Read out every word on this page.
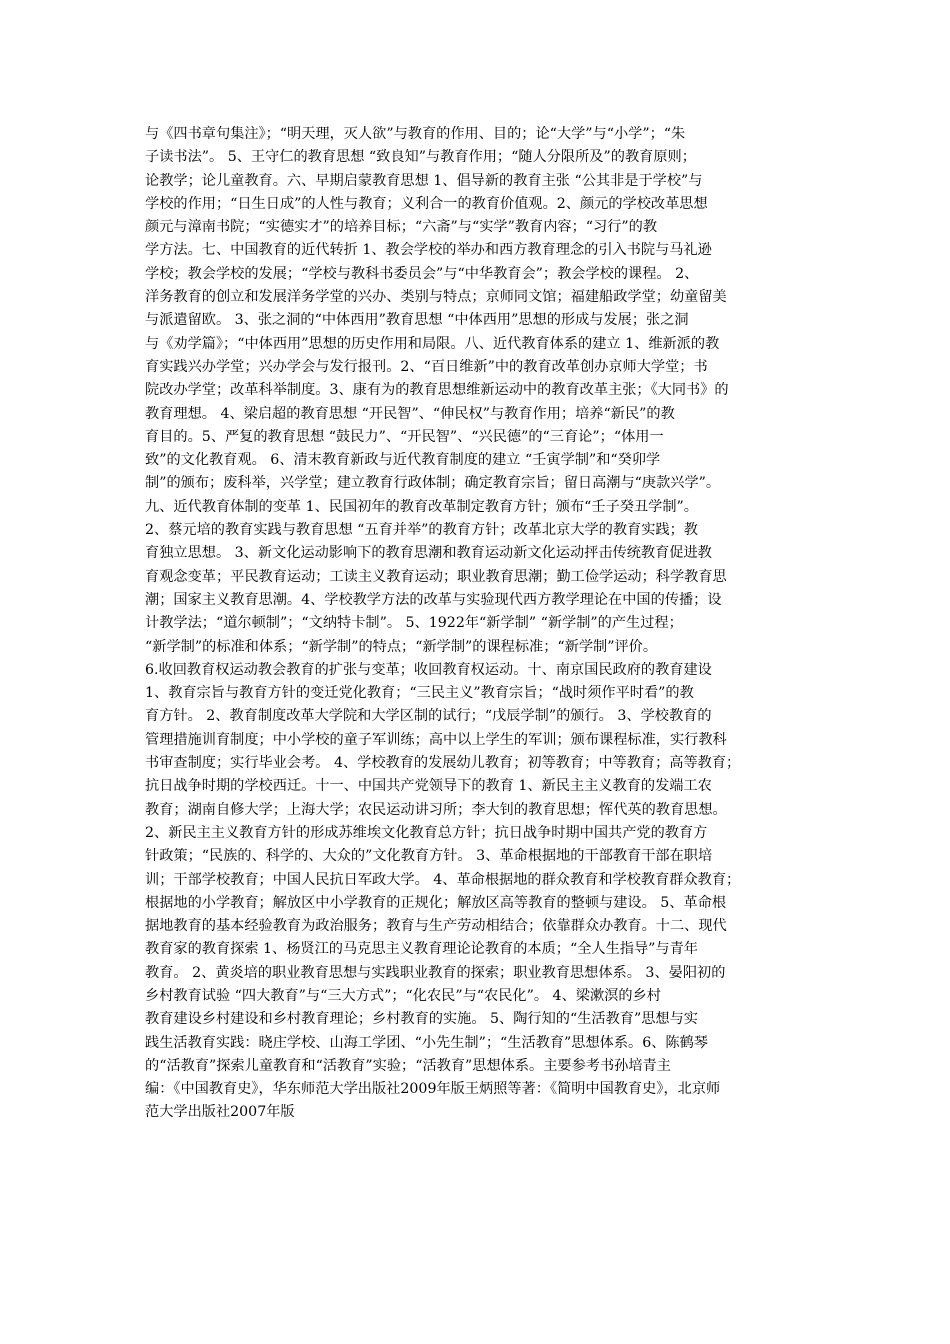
与《四书章句集注》；“明天理，灭人欲”与教育的作用、目的；论“大学”与“小学”；“朱
子读书法”。 5、王守仁的教育思想 “致良知”与教育作用；“随人分限所及”的教育原则；
论教学；论儿童教育。六、早期启蒙教育思想 1、倡导新的教育主张 “公其非是于学校”与
学校的作用；“日生日成”的人性与教育；义利合一的教育价值观。2、颜元的学校改革思想
颜元与漳南书院；“实德实才”的培养目标；“六斋”与“实学”教育内容；“习行”的教
学方法。七、中国教育的近代转折 1、教会学校的举办和西方教育理念的引入书院与马礼逊
学校；教会学校的发展；“学校与教科书委员会”与“中华教育会”；教会学校的课程。 2、
洋务教育的创立和发展洋务学堂的兴办、类别与特点；京师同文馆；福建船政学堂；幼童留美
与派遣留欧。 3、张之洞的“中体西用”教育思想 “中体西用”思想的形成与发展；张之洞
与《劝学篇》；“中体西用”思想的历史作用和局限。八、近代教育体系的建立 1、维新派的教
育实践兴办学堂；兴办学会与发行报刊。2、“百日维新”中的教育改革创办京师大学堂；书
院改办学堂；改革科举制度。3、康有为的教育思想维新运动中的教育改革主张；《大同书》的
教育理想。 4、梁启超的教育思想 “开民智”、“伸民权”与教育作用；培养“新民”的教
育目的。5、严复的教育思想 “鼓民力”、“开民智”、“兴民德”的“三育论”；“体用一
致”的文化教育观。 6、清末教育新政与近代教育制度的建立 “壬寅学制”和“癸卯学
制”的颁布；废科举，兴学堂；建立教育行政体制；确定教育宗旨；留日高潮与“庚款兴学”。
九、近代教育体制的变革 1、民国初年的教育改革制定教育方针；颁布“壬子癸丑学制”。
2、蔡元培的教育实践与教育思想 “五育并举”的教育方针；改革北京大学的教育实践；教
育独立思想。 3、新文化运动影响下的教育思潮和教育运动新文化运动抨击传统教育促进教
育观念变革；平民教育运动；工读主义教育运动；职业教育思潮；勤工俭学运动；科学教育思
潮；国家主义教育思潮。4、学校教学方法的改革与实验现代西方教学理论在中国的传播；设
计教学法；“道尔顿制”；“文纳特卡制”。 5、1922年“新学制” “新学制”的产生过程；
“新学制”的标准和体系；“新学制”的特点；“新学制”的课程标准；“新学制”评价。
6.收回教育权运动教会教育的扩张与变革；收回教育权运动。十、南京国民政府的教育建设
1、教育宗旨与教育方针的变迁党化教育；“三民主义”教育宗旨；“战时须作平时看”的教
育方针。 2、教育制度改革大学院和大学区制的试行；“戊辰学制”的颁行。 3、学校教育的
管理措施训育制度；中小学校的童子军训练；高中以上学生的军训；颁布课程标准，实行教科
书审查制度；实行毕业会考。 4、学校教育的发展幼儿教育；初等教育；中等教育；高等教育；
抗日战争时期的学校西迁。十一、中国共产党领导下的教育 1、新民主主义教育的发端工农
教育；湖南自修大学；上海大学；农民运动讲习所；李大钊的教育思想；恽代英的教育思想。
2、新民主主义教育方针的形成苏维埃文化教育总方针；抗日战争时期中国共产党的教育方
针政策；“民族的、科学的、大众的”文化教育方针。 3、革命根据地的干部教育干部在职培
训；干部学校教育；中国人民抗日军政大学。 4、革命根据地的群众教育和学校教育群众教育；
根据地的小学教育；解放区中小学教育的正规化；解放区高等教育的整顿与建设。 5、革命根
据地教育的基本经验教育为政治服务；教育与生产劳动相结合；依靠群众办教育。十二、现代
教育家的教育探索 1、杨贤江的马克思主义教育理论论教育的本质；“全人生指导”与青年
教育。 2、黄炎培的职业教育思想与实践职业教育的探索；职业教育思想体系。 3、晏阳初的
乡村教育试验 “四大教育”与“三大方式”；“化农民”与“农民化”。 4、梁漱溟的乡村
教育建设乡村建设和乡村教育理论；乡村教育的实施。 5、陶行知的“生活教育”思想与实
践生活教育实践：晓庄学校、山海工学团、“小先生制”；“生活教育”思想体系。6、陈鹤琴
的“活教育”探索儿童教育和“活教育”实验；“活教育”思想体系。主要参考书孙培青主
编：《中国教育史》，华东师范大学出版社2009年版王炳照等著：《简明中国教育史》，北京师
范大学出版社2007年版
